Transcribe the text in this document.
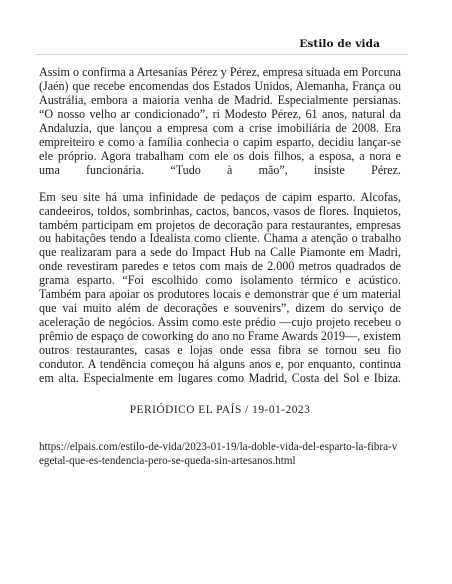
Estilo de vida

Assim o confirma a Artesanías Pérez y Pérez, empresa situada em Porcuna (Jaén) que recebe encomendas dos Estados Unidos, Alemanha, França ou Austrália, embora a maioria venha de Madrid. Especialmente persianas. “O nosso velho ar condicionado”, ri Modesto Pérez, 61 anos, natural da Andaluzia, que lançou a empresa com a crise imobiliária de 2008. Era empreiteiro e como a família conhecia o capim esparto, decidiu lançar-se ele próprio. Agora trabalham com ele os dois filhos, a esposa, a nora e uma funcionária. “Tudo à mão”, insiste Pérez.

Em seu site há uma infinidade de pedaços de capim esparto. Alcofas, candeeiros, toldos, sombrinhas, cactos, bancos, vasos de flores. Inquietos, também participam em projetos de decoração para restaurantes, empresas ou habitações tendo a Idealista como cliente. Chama a atenção o trabalho que realizaram para a sede do Impact Hub na Calle Piamonte em Madri, onde revestiram paredes e tetos com mais de 2.000 metros quadrados de grama esparto. “Foi escolhido como isolamento térmico e acústico. Também para apoiar os produtores locais e demonstrar que é um material que vai muito além de decorações e souvenirs”, dizem do serviço de aceleração de negócios. Assim como este prédio —cujo projeto recebeu o prêmio de espaço de coworking do ano no Frame Awards 2019—, existem outros restaurantes, casas e lojas onde essa fibra se tornou seu fio condutor. A tendência começou há alguns anos e, por enquanto, continua em alta. Especialmente em lugares como Madrid, Costa del Sol e Ibiza.

PERIÓDICO EL PAÍS / 19-01-2023
https://elpais.com/estilo-de-vida/2023-01-19/la-doble-vida-del-esparto-la-fibra-vegetal-que-es-tendencia-pero-se-queda-sin-artesanos.html
